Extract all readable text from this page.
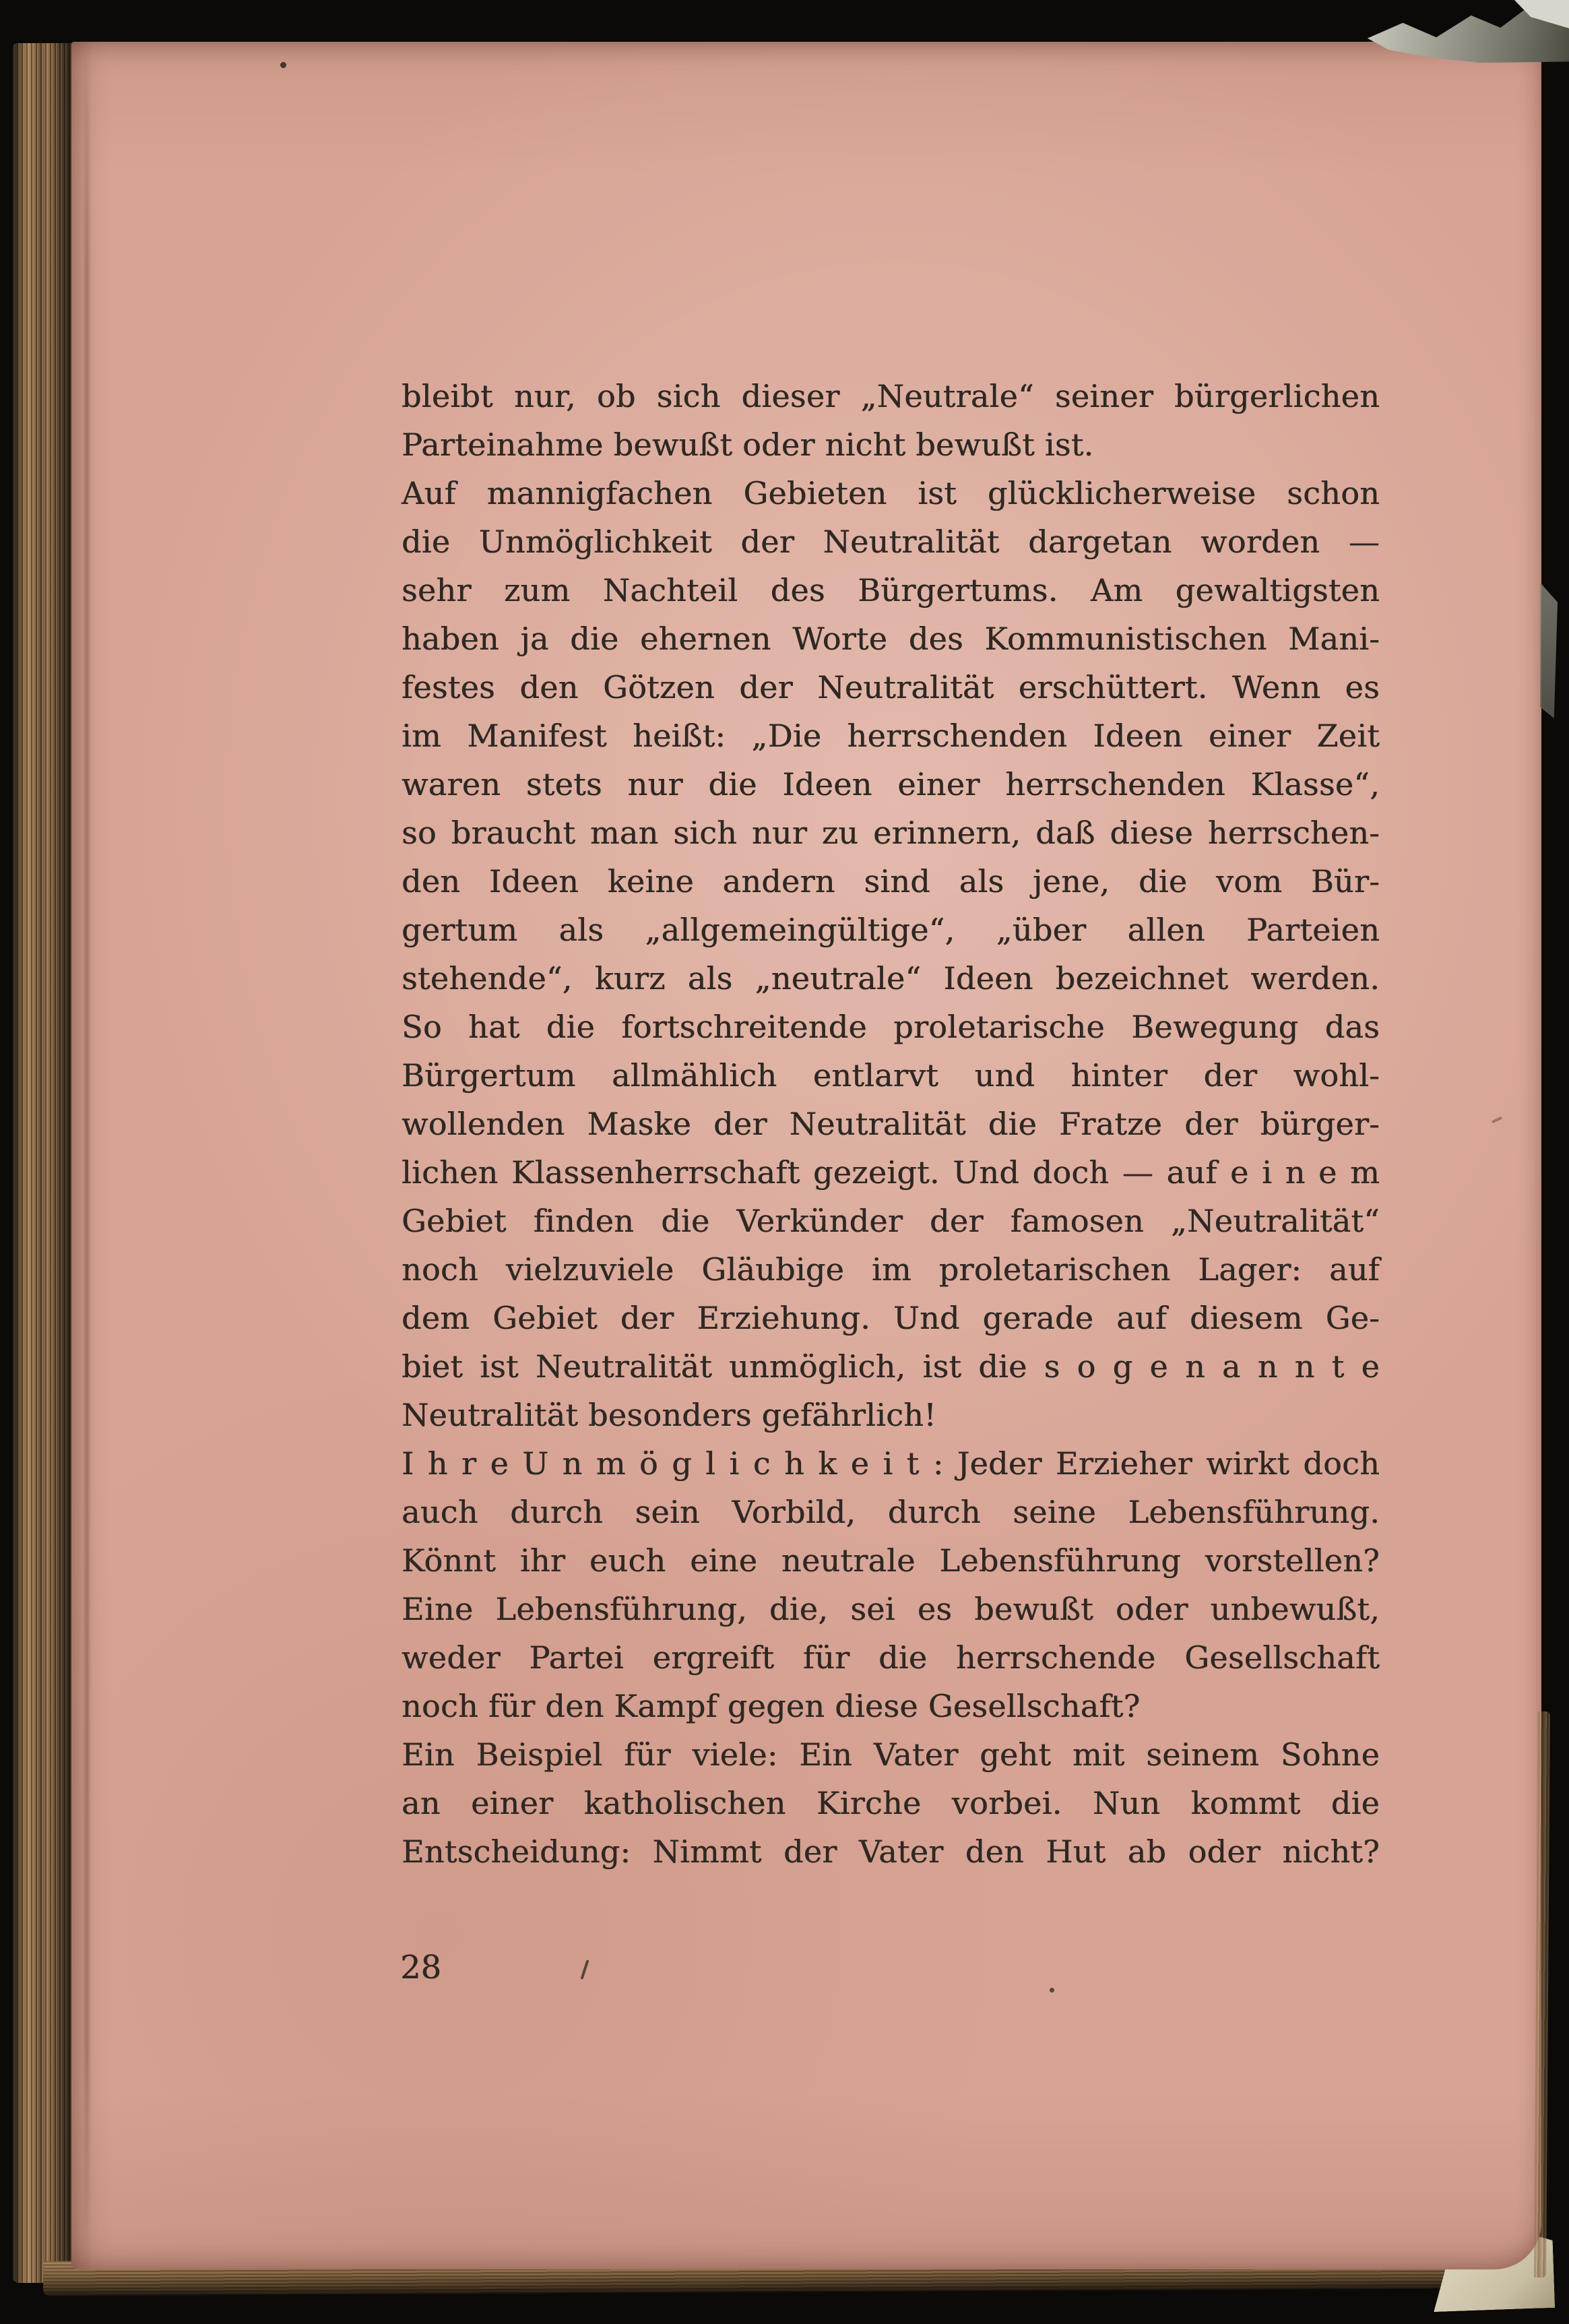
bleibt nur, ob sich dieser „Neutrale“ seiner bürgerlichen
Parteinahme bewußt oder nicht bewußt ist.
Auf mannigfachen Gebieten ist glücklicherweise schon
die Unmöglichkeit der Neutralität dargetan worden —
sehr zum Nachteil des Bürgertums. Am gewaltigsten
haben ja die ehernen Worte des Kommunistischen Mani-
festes den Götzen der Neutralität erschüttert. Wenn es
im Manifest heißt: „Die herrschenden Ideen einer Zeit
waren stets nur die Ideen einer herrschenden Klasse“,
so braucht man sich nur zu erinnern, daß diese herrschen-
den Ideen keine andern sind als jene, die vom Bür-
gertum als „allgemeingültige“, „über allen Parteien
stehende“, kurz als „neutrale“ Ideen bezeichnet werden.
So hat die fortschreitende proletarische Bewegung das
Bürgertum allmählich entlarvt und hinter der wohl-
wollenden Maske der Neutralität die Fratze der bürger-
lichen Klassenherrschaft gezeigt. Und doch — auf e i n e m
Gebiet finden die Verkünder der famosen „Neutralität“
noch vielzuviele Gläubige im proletarischen Lager: auf
dem Gebiet der Erziehung. Und gerade auf diesem Ge-
biet ist Neutralität unmöglich, ist die s o g e n a n n t e
Neutralität besonders gefährlich!
I h r e U n m ö g l i c h k e i t : Jeder Erzieher wirkt doch
auch durch sein Vorbild, durch seine Lebensführung.
Könnt ihr euch eine neutrale Lebensführung vorstellen?
Eine Lebensführung, die, sei es bewußt oder unbewußt,
weder Partei ergreift für die herrschende Gesellschaft
noch für den Kampf gegen diese Gesellschaft?
Ein Beispiel für viele: Ein Vater geht mit seinem Sohne
an einer katholischen Kirche vorbei. Nun kommt die
Entscheidung: Nimmt der Vater den Hut ab oder nicht?
28
